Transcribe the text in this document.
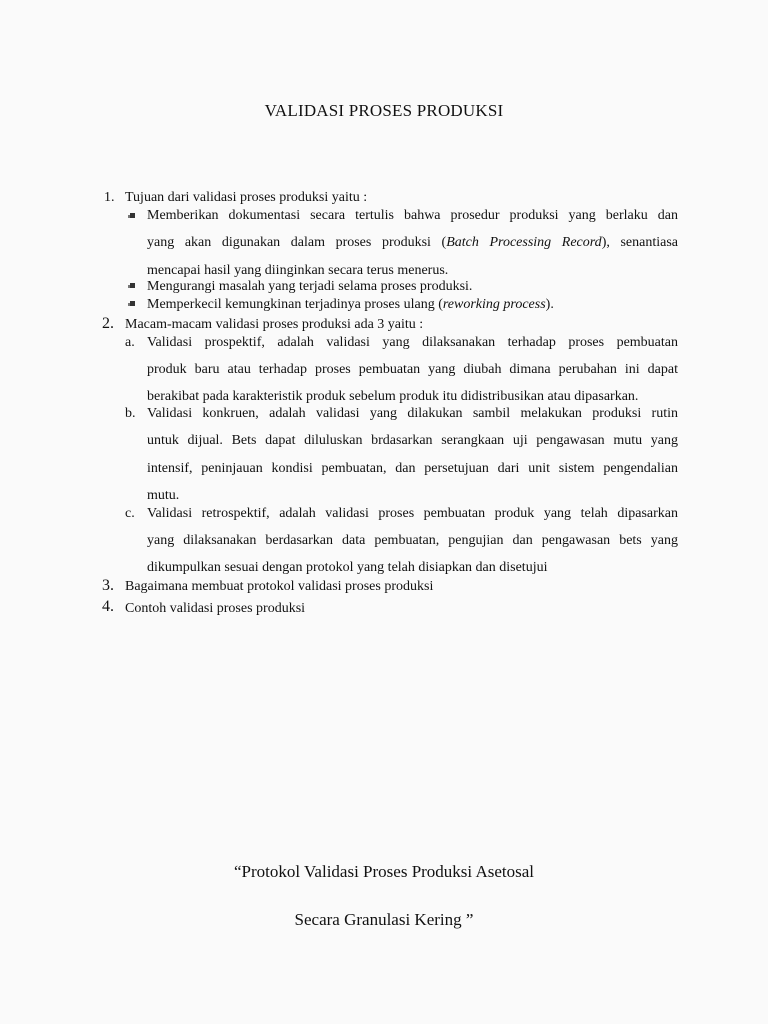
VALIDASI PROSES PRODUKSI
1. Tujuan dari validasi proses produksi yaitu :
Memberikan dokumentasi secara tertulis bahwa prosedur produksi yang berlaku dan
yang akan digunakan dalam proses produksi (Batch Processing Record), senantiasa
mencapai hasil yang diinginkan secara terus menerus.
Mengurangi masalah yang terjadi selama proses produksi.
Memperkecil kemungkinan terjadinya proses ulang (reworking process).
2. Macam-macam validasi proses produksi ada 3 yaitu :
a. Validasi prospektif, adalah validasi yang dilaksanakan terhadap proses pembuatan
produk baru atau terhadap proses pembuatan yang diubah dimana perubahan ini dapat
berakibat pada karakteristik produk sebelum produk itu didistribusikan atau dipasarkan.
b. Validasi konkruen, adalah validasi yang dilakukan sambil melakukan produksi rutin
untuk dijual. Bets dapat diluluskan brdasarkan serangkaan uji pengawasan mutu yang
intensif, peninjauan kondisi pembuatan, dan persetujuan dari unit sistem pengendalian
mutu.
c. Validasi retrospektif, adalah validasi proses pembuatan produk yang telah dipasarkan
yang dilaksanakan berdasarkan data pembuatan, pengujian dan pengawasan bets yang
dikumpulkan sesuai dengan protokol yang telah disiapkan dan disetujui
3. Bagaimana membuat protokol validasi proses produksi
4. Contoh validasi proses produksi
“Protokol Validasi Proses Produksi Asetosal
Secara Granulasi Kering ”
